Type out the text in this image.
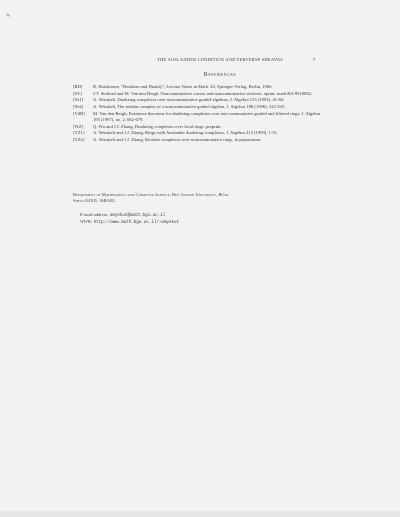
THE AUSLANDER CONDITION AND PERVERSE SHEAVES	7
References
[RD]	R. Hartshorne, "Residues and Duality", Lecture Notes in Math. 20, Springer-Verlag, Berlin, 1966.
[SV]	J.T. Stafford and M. Van den Bergh, Noncommutative curves and noncommutative surfaces, eprint: math.RA/9910082.
[Ye1]	A. Yekutieli, Dualizing complexes over noncommutative graded algebras, J. Algebra 153 (1992), 41-84.
[Ye2]	A. Yekutieli, The residue complex of a noncommutative graded algebra, J. Algebra 186 (1996), 522-543.
[VdB]	M. Van den Bergh, Existence theorems for dualizing complexes over non-commutative graded and filtered rings, J. Algebra 195 (1997), no. 2, 662-679.
[WZ]	Q. Wu and J.J. Zhang, Dualizing complexes over local rings, preprint.
[YZ1]	A. Yekutieli and J.J. Zhang, Rings with Auslander dualizing complexes, J. Algebra 213 (1999), 1-51.
[YZ2]	A. Yekutieli and J.J. Zhang, Residue complexes over noncommutative rings, in preparation.
Department of Mathematics and Computer Science, Ben Gurion University, Be'er
Sheva 84105, ISRAEL
E-mail address: amyekut@math.bgu.ac.il
WWW: http://www.math.bgu.ac.il/~amyekut
